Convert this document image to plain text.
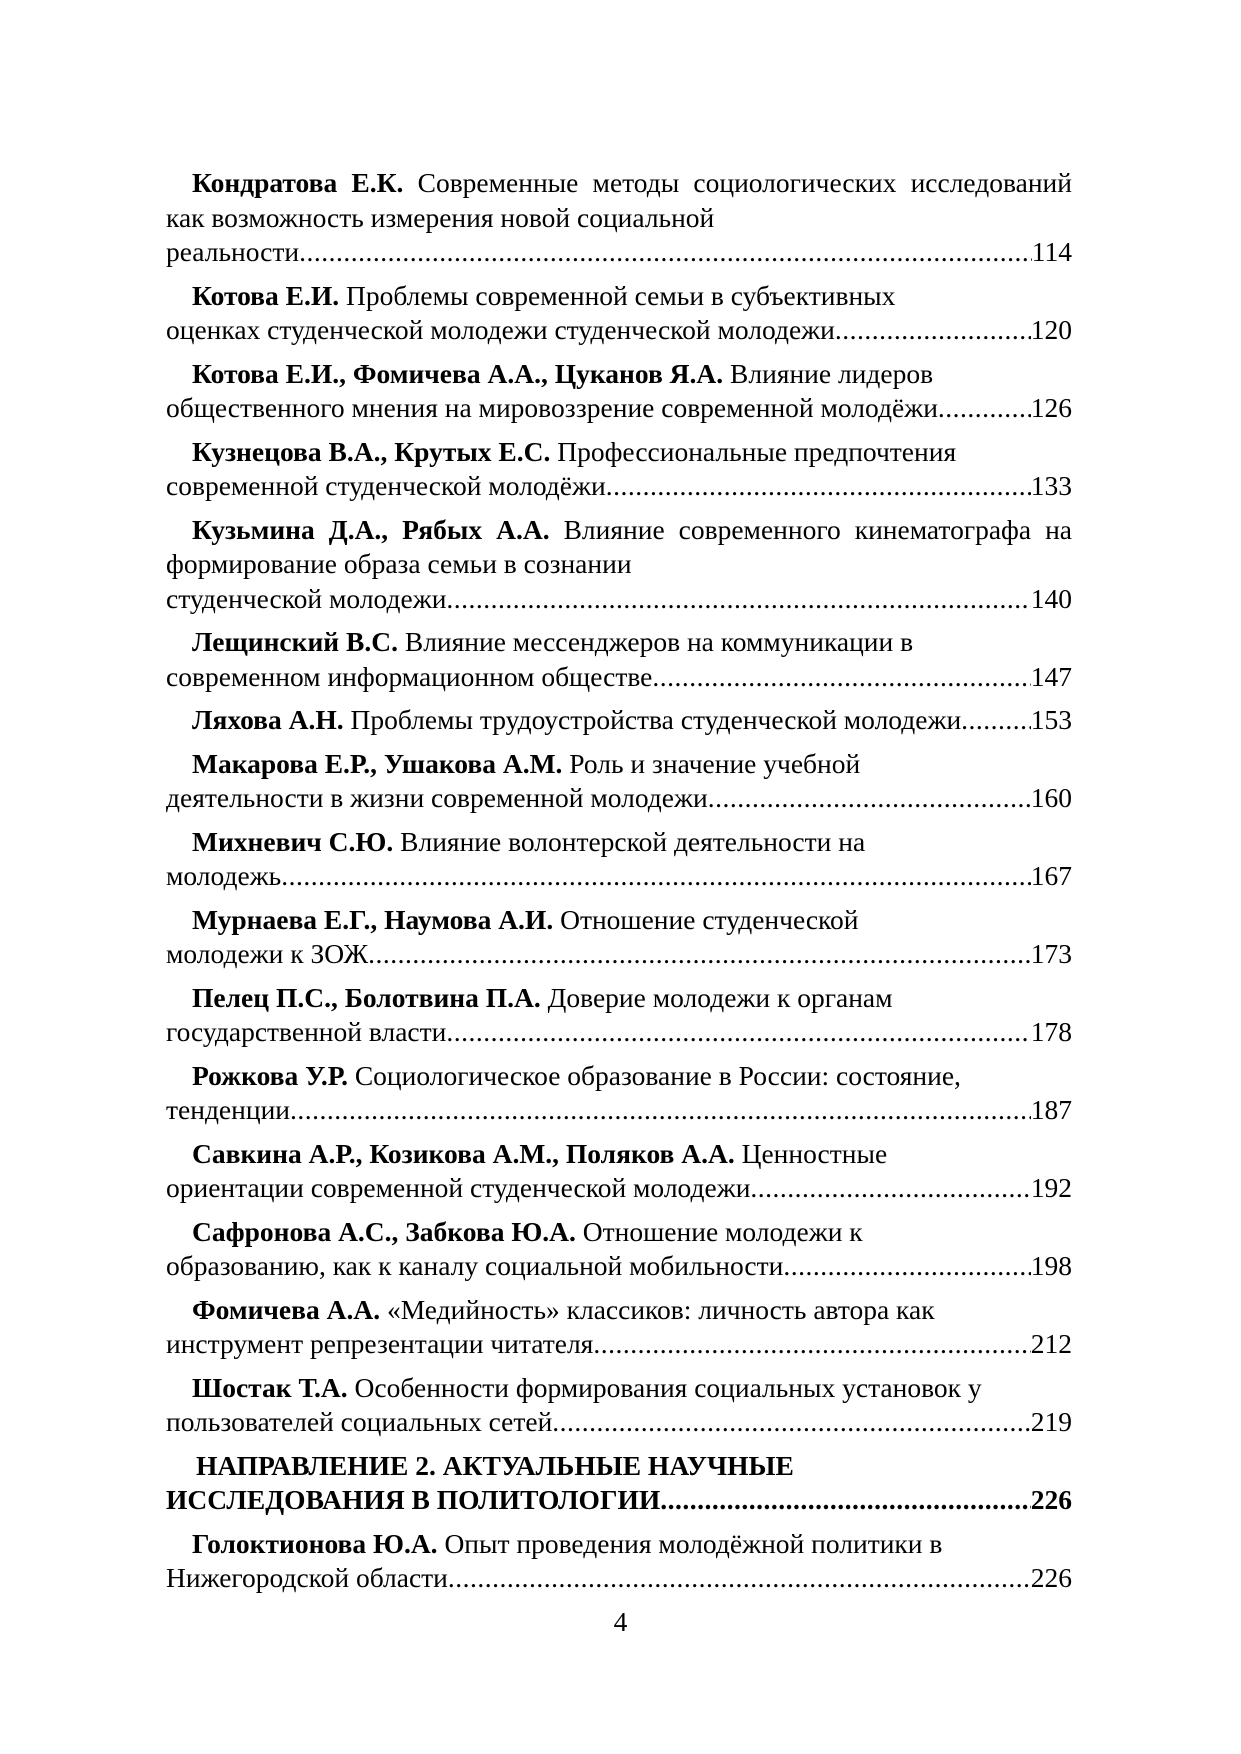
Кондратова Е.К. Современные методы социологических исследований как возможность измерения новой социальной

реальности .....	114

Котова Е.И. Проблемы современной семьи в субъективных

оценках студенческой молодежи студенческой молодежи .....	120

Котова Е.И., Фомичева А.А., Цуканов Я.А. Влияние лидеров

общественного мнения на мировоззрение современной молодёжи .....	126

Кузнецова В.А., Крутых Е.С. Профессиональные предпочтения

современной студенческой молодёжи .....	133

Кузьмина Д.А., Рябых А.А. Влияние современного кинематографа на формирование образа семьи в сознании

студенческой молодежи .....	140

Лещинский В.С. Влияние мессенджеров на коммуникации в

современном информационном обществе .....	147

Ляхова А.Н. Проблемы трудоустройства студенческой молодежи .....	153

Макарова Е.Р., Ушакова А.М. Роль и значение учебной

деятельности в жизни современной молодежи .....	160

Михневич С.Ю. Влияние волонтерской деятельности на

молодежь .....	167

Мурнаева Е.Г., Наумова А.И. Отношение студенческой

молодежи к ЗОЖ .....	173

Пелец П.С., Болотвина П.А. Доверие молодежи к органам

государственной власти .....	178

Рожкова У.Р. Социологическое образование в России: состояние,

тенденции .....	187

Савкина А.Р., Козикова А.М., Поляков А.А. Ценностные

ориентации современной студенческой молодежи .....	192

Сафронова А.С., Забкова Ю.А. Отношение молодежи к

образованию, как к каналу социальной мобильности .....	198

Фомичева А.А. «Медийность» классиков: личность автора как

инструмент репрезентации читателя .....	212

Шостак Т.А. Особенности формирования социальных установок у

пользователей социальных сетей .....	219

НАПРАВЛЕНИЕ 2. АКТУАЛЬНЫЕ НАУЧНЫЕ

ИССЛЕДОВАНИЯ В ПОЛИТОЛОГИИ .....	226

Голоктионова Ю.А. Опыт проведения молодёжной политики в

Нижегородской области .....	226

4
